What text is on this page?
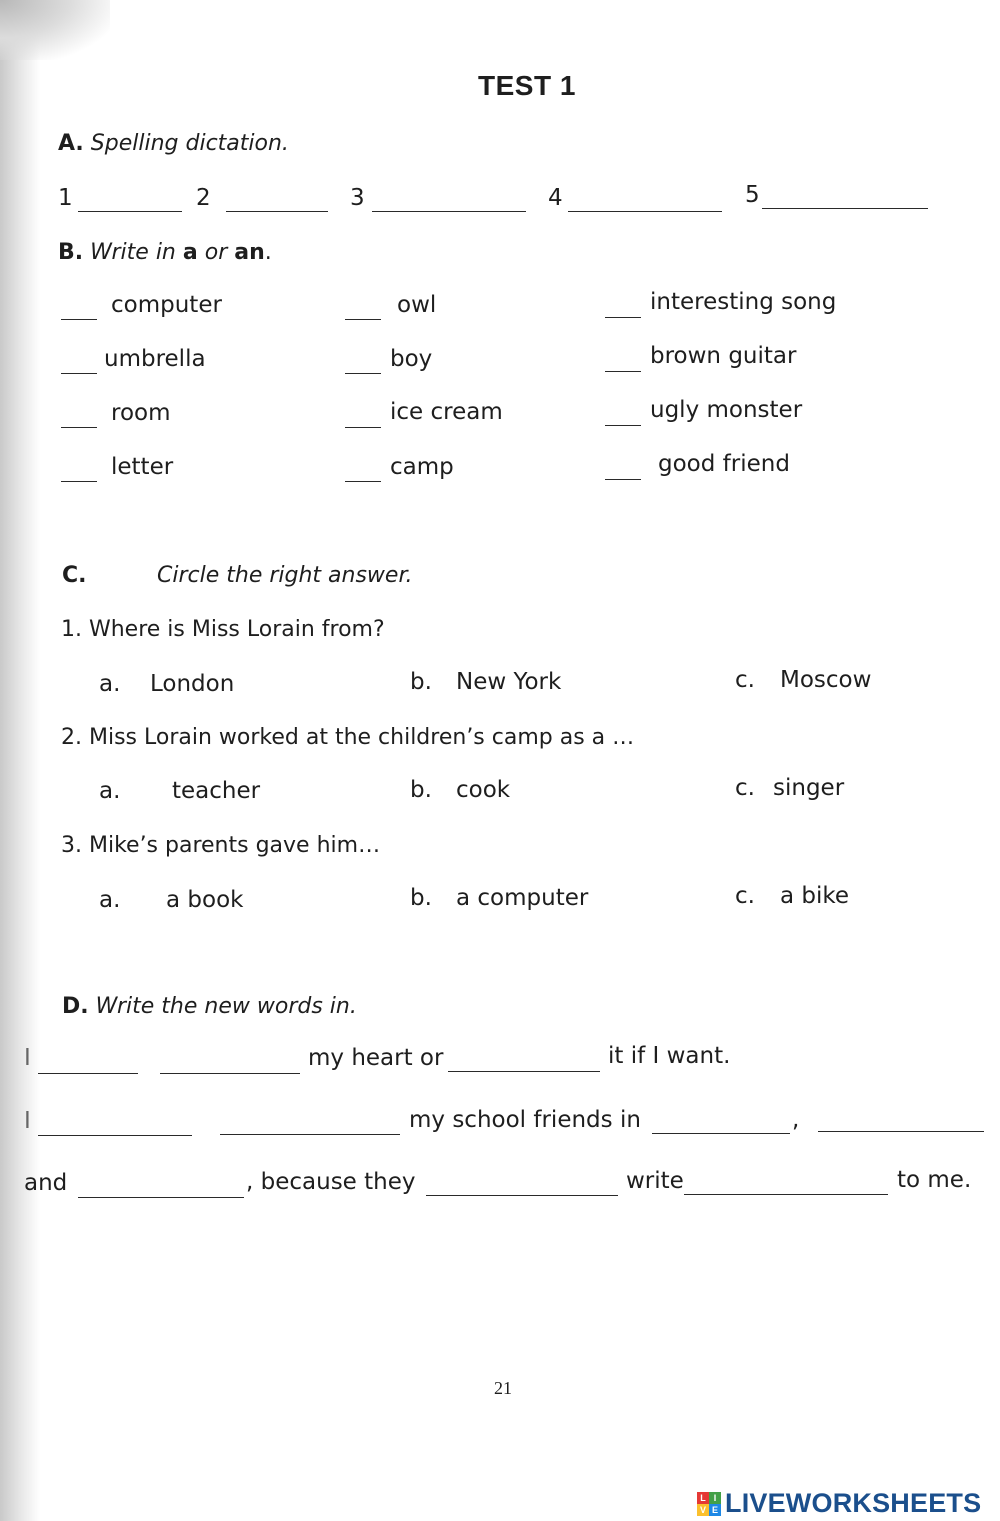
TEST 1
A. Spelling dictation.
1	2	3	4	5
B. Write in a or an.
computer	owl	interesting song
umbrella	boy	brown guitar
room	ice cream	ugly monster
letter	camp	good friend
C.	Circle the right answer.
1. Where is Miss Lorain from?
a. London	b. New York	c. Moscow
2. Miss Lorain worked at the children’s camp as a …
a. teacher	b. cook	c. singer
3. Mike’s parents gave him…
a. a book	b. a computer	c. a bike
D. Write the new words in.
I	my heart or	it if I want.
I	my school friends in	,
and	, because they	write	to me.
21
L I
V E LIVEWORKSHEETS
